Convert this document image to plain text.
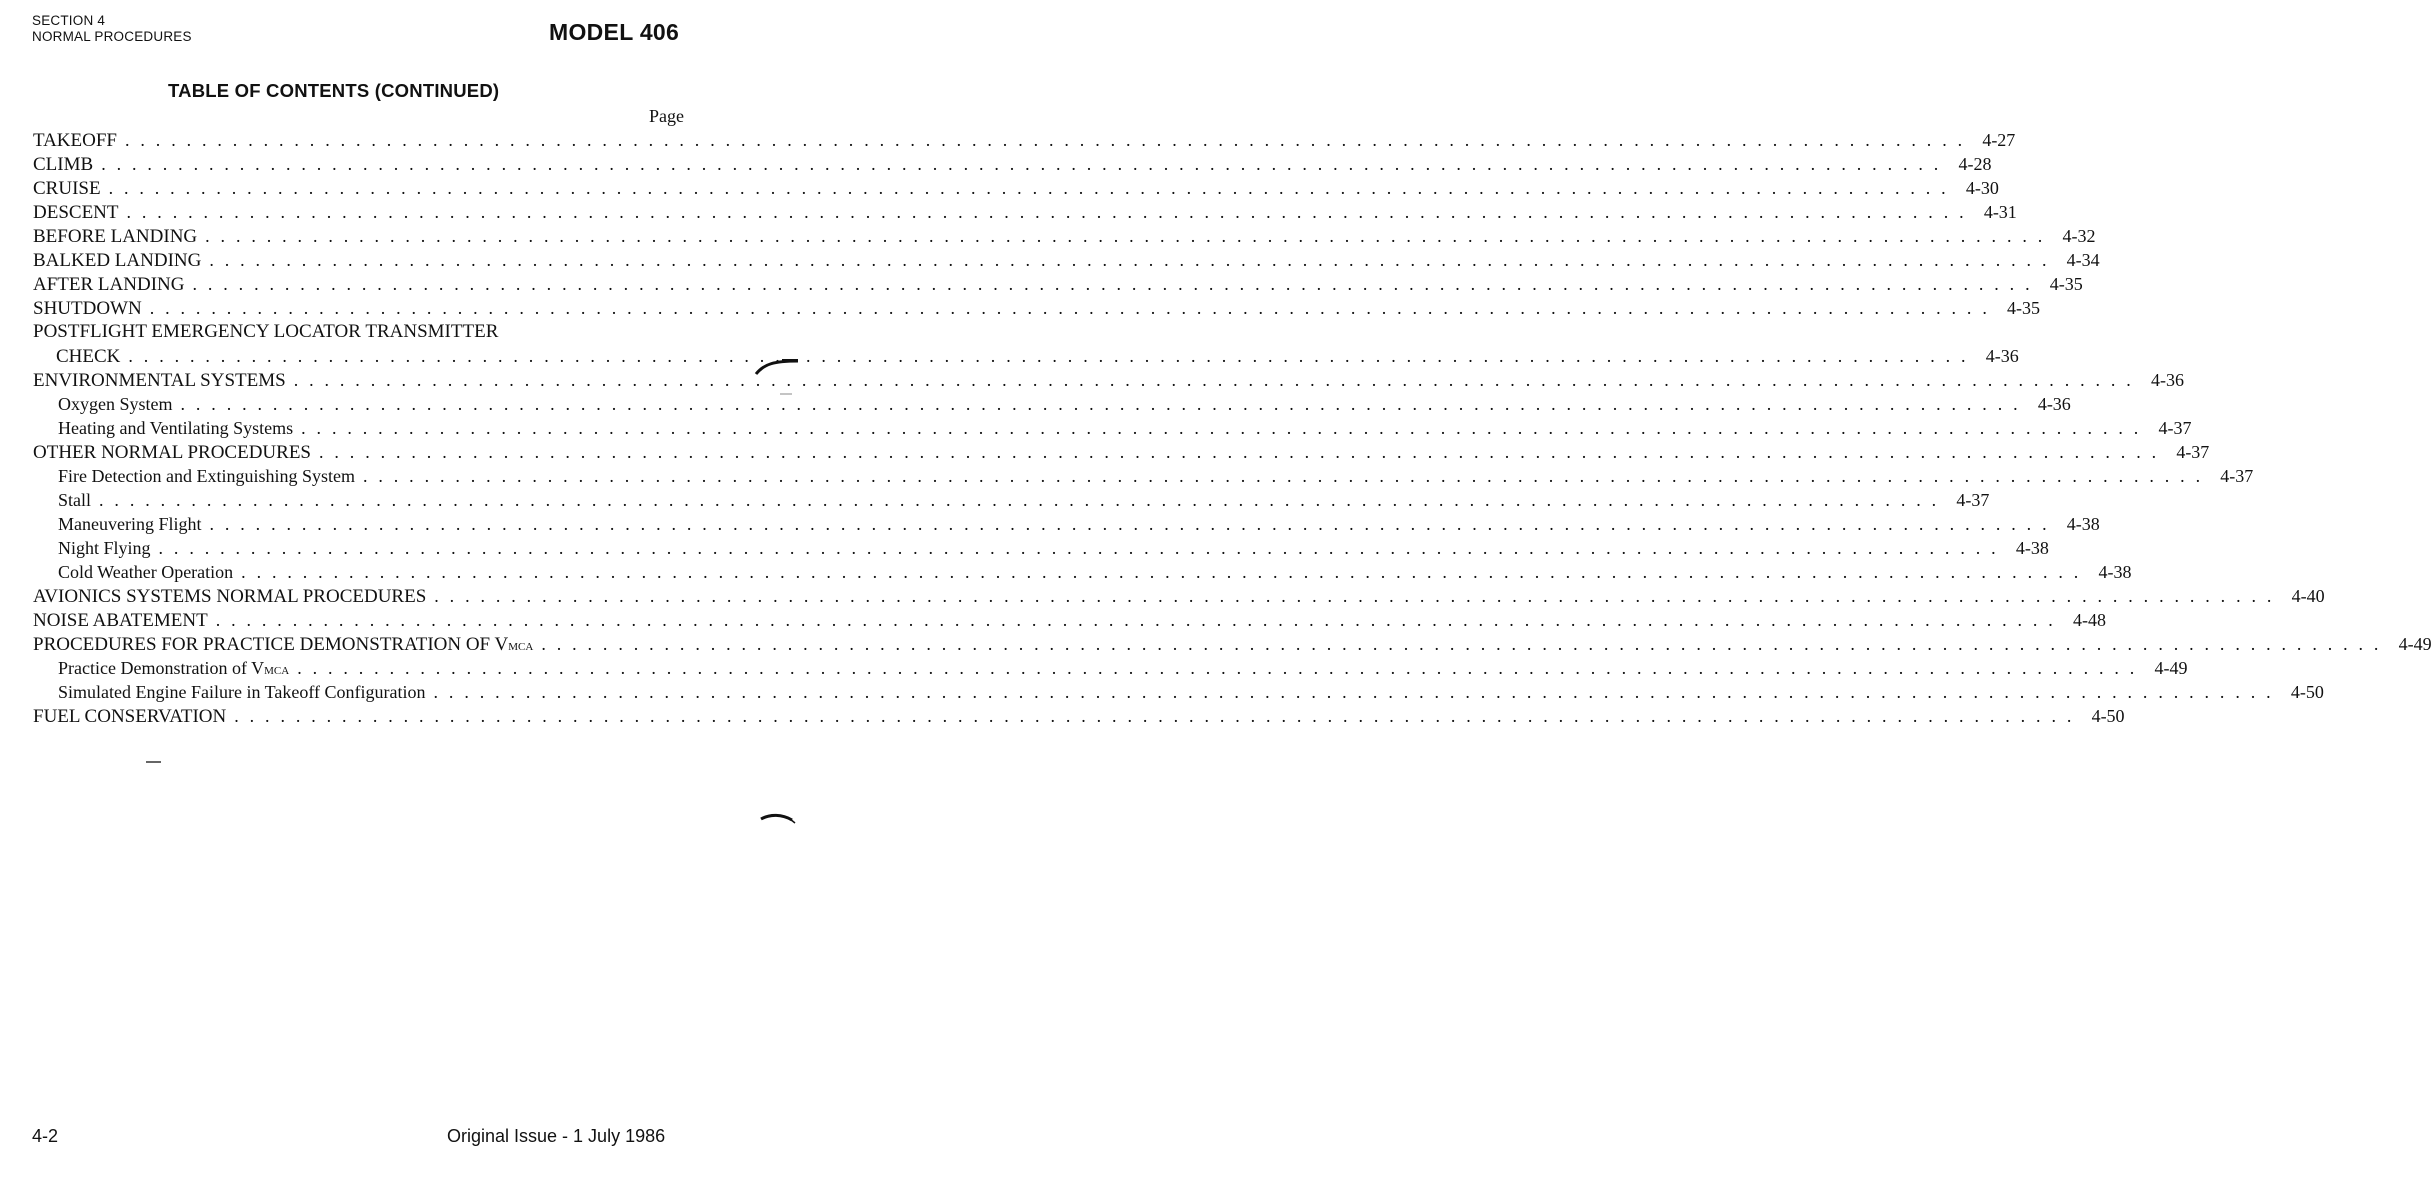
SECTION 4
NORMAL PROCEDURES	MODEL 406
TABLE OF CONTENTS (CONTINUED)
Page
TAKEOFF . . . . . . . . . . . . . . . . . . . . . . . . . . . . . . . . . . . . . . . . . . . . . . . . . . . . . . . . . . . . . . . . . . . . . . . . . . . . . . . . . . . . . . . . . . . . . . . . . . . . . . . . . . . . . . . . . . . . . . . . 4-27
CLIMB . . . . . . . . . . . . . . . . . . . . . . . . . . . . . . . . . . . . . . . . . . . . . . . . . . . . . . . . . . . . . . . . . . . . . . . . . . . . . . . . . . . . . . . . . . . . . . . . . . . . . . . . . . . . . . . . . . . . . . . . 4-28
CRUISE . . . . . . . . . . . . . . . . . . . . . . . . . . . . . . . . . . . . . . . . . . . . . . . . . . . . . . . . . . . . . . . . . . . . . . . . . . . . . . . . . . . . . . . . . . . . . . . . . . . . . . . . . . . . . . . . . . . . . . . . 4-30
DESCENT . . . . . . . . . . . . . . . . . . . . . . . . . . . . . . . . . . . . . . . . . . . . . . . . . . . . . . . . . . . . . . . . . . . . . . . . . . . . . . . . . . . . . . . . . . . . . . . . . . . . . . . . . . . . . . . . . . . . . . . . 4-31
BEFORE LANDING . . . . . . . . . . . . . . . . . . . . . . . . . . . . . . . . . . . . . . . . . . . . . . . . . . . . . . . . . . . . . . . . . . . . . . . . . . . . . . . . . . . . . . . . . . . . . . . . . . . . . . . . . . . . . . . . . . . . . . . . 4-32
BALKED LANDING . . . . . . . . . . . . . . . . . . . . . . . . . . . . . . . . . . . . . . . . . . . . . . . . . . . . . . . . . . . . . . . . . . . . . . . . . . . . . . . . . . . . . . . . . . . . . . . . . . . . . . . . . . . . . . . . . . . . . . . . 4-34
AFTER LANDING . . . . . . . . . . . . . . . . . . . . . . . . . . . . . . . . . . . . . . . . . . . . . . . . . . . . . . . . . . . . . . . . . . . . . . . . . . . . . . . . . . . . . . . . . . . . . . . . . . . . . . . . . . . . . . . . . . . . . . . . 4-35
SHUTDOWN . . . . . . . . . . . . . . . . . . . . . . . . . . . . . . . . . . . . . . . . . . . . . . . . . . . . . . . . . . . . . . . . . . . . . . . . . . . . . . . . . . . . . . . . . . . . . . . . . . . . . . . . . . . . . . . . . . . . . . . . 4-35
POSTFLIGHT EMERGENCY LOCATOR TRANSMITTER
CHECK . . . . . . . . . . . . . . . . . . . . . . . . . . . . . . . . . . . . . . . . . . . . . . . . . . . . . . . . . . . . . . . . . . . . . . . . . . . . . . . . . . . . . . . . . . . . . . . . . . . . . . . . . . . . . . . . . . . . . . . . 4-36
ENVIRONMENTAL SYSTEMS . . . . . . . . . . . . . . . . . . . . . . . . . . . . . . . . . . . . . . . . . . . . . . . . . . . . . . . . . . . . . . . . . . . . . . . . . . . . . . . . . . . . . . . . . . . . . . . . . . . . . . . . . . . . . . . . . . . . . . . . 4-36
Oxygen System . . . . . . . . . . . . . . . . . . . . . . . . . . . . . . . . . . . . . . . . . . . . . . . . . . . . . . . . . . . . . . . . . . . . . . . . . . . . . . . . . . . . . . . . . . . . . . . . . . . . . . . . . . . . . . . . . . . . . . . . 4-36
Heating and Ventilating Systems . . . . . . . . . . . . . . . . . . . . . . . . . . . . . . . . . . . . . . . . . . . . . . . . . . . . . . . . . . . . . . . . . . . . . . . . . . . . . . . . . . . . . . . . . . . . . . . . . . . . . . . . . . . . . . . . . . . . . . . . 4-37
OTHER NORMAL PROCEDURES . . . . . . . . . . . . . . . . . . . . . . . . . . . . . . . . . . . . . . . . . . . . . . . . . . . . . . . . . . . . . . . . . . . . . . . . . . . . . . . . . . . . . . . . . . . . . . . . . . . . . . . . . . . . . . . . . . . . . . . . 4-37
Fire Detection and Extinguishing System . . . . . . . . . . . . . . . . . . . . . . . . . . . . . . . . . . . . . . . . . . . . . . . . . . . . . . . . . . . . . . . . . . . . . . . . . . . . . . . . . . . . . . . . . . . . . . . . . . . . . . . . . . . . . . . . . . . . . . . . 4-37
Stall . . . . . . . . . . . . . . . . . . . . . . . . . . . . . . . . . . . . . . . . . . . . . . . . . . . . . . . . . . . . . . . . . . . . . . . . . . . . . . . . . . . . . . . . . . . . . . . . . . . . . . . . . . . . . . . . . . . . . . . . 4-37
Maneuvering Flight . . . . . . . . . . . . . . . . . . . . . . . . . . . . . . . . . . . . . . . . . . . . . . . . . . . . . . . . . . . . . . . . . . . . . . . . . . . . . . . . . . . . . . . . . . . . . . . . . . . . . . . . . . . . . . . . . . . . . . . . 4-38
Night Flying . . . . . . . . . . . . . . . . . . . . . . . . . . . . . . . . . . . . . . . . . . . . . . . . . . . . . . . . . . . . . . . . . . . . . . . . . . . . . . . . . . . . . . . . . . . . . . . . . . . . . . . . . . . . . . . . . . . . . . . . 4-38
Cold Weather Operation . . . . . . . . . . . . . . . . . . . . . . . . . . . . . . . . . . . . . . . . . . . . . . . . . . . . . . . . . . . . . . . . . . . . . . . . . . . . . . . . . . . . . . . . . . . . . . . . . . . . . . . . . . . . . . . . . . . . . . . . 4-38
AVIONICS SYSTEMS NORMAL PROCEDURES . . . . . . . . . . . . . . . . . . . . . . . . . . . . . . . . . . . . . . . . . . . . . . . . . . . . . . . . . . . . . . . . . . . . . . . . . . . . . . . . . . . . . . . . . . . . . . . . . . . . . . . . . . . . . . . . . . . . . . . . 4-40
NOISE ABATEMENT . . . . . . . . . . . . . . . . . . . . . . . . . . . . . . . . . . . . . . . . . . . . . . . . . . . . . . . . . . . . . . . . . . . . . . . . . . . . . . . . . . . . . . . . . . . . . . . . . . . . . . . . . . . . . . . . . . . . . . . . 4-48
PROCEDURES FOR PRACTICE DEMONSTRATION OF V MCA . . . . . . . . . . . . . . . . . . . . . . . . . . . . . . . . . . . . . . . . . . . . . . . . . . . . . . . . . . . . . . . . . . . . . . . . . . . . . . . . . . . . . . . . . . . . . . . . . . . . . . . . . . . . . . . . . . . . . . . . 4-49
Practice Demonstration of V MCA . . . . . . . . . . . . . . . . . . . . . . . . . . . . . . . . . . . . . . . . . . . . . . . . . . . . . . . . . . . . . . . . . . . . . . . . . . . . . . . . . . . . . . . . . . . . . . . . . . . . . . . . . . . . . . . . . . . . . . . . 4-49
Simulated Engine Failure in Takeoff Configuration . . . . . . . . . . . . . . . . . . . . . . . . . . . . . . . . . . . . . . . . . . . . . . . . . . . . . . . . . . . . . . . . . . . . . . . . . . . . . . . . . . . . . . . . . . . . . . . . . . . . . . . . . . . . . . . . . . . . . . . . 4-50
FUEL CONSERVATION . . . . . . . . . . . . . . . . . . . . . . . . . . . . . . . . . . . . . . . . . . . . . . . . . . . . . . . . . . . . . . . . . . . . . . . . . . . . . . . . . . . . . . . . . . . . . . . . . . . . . . . . . . . . . . . . . . . . . . . . 4-50
4-2	Original Issue - 1 July 1986
